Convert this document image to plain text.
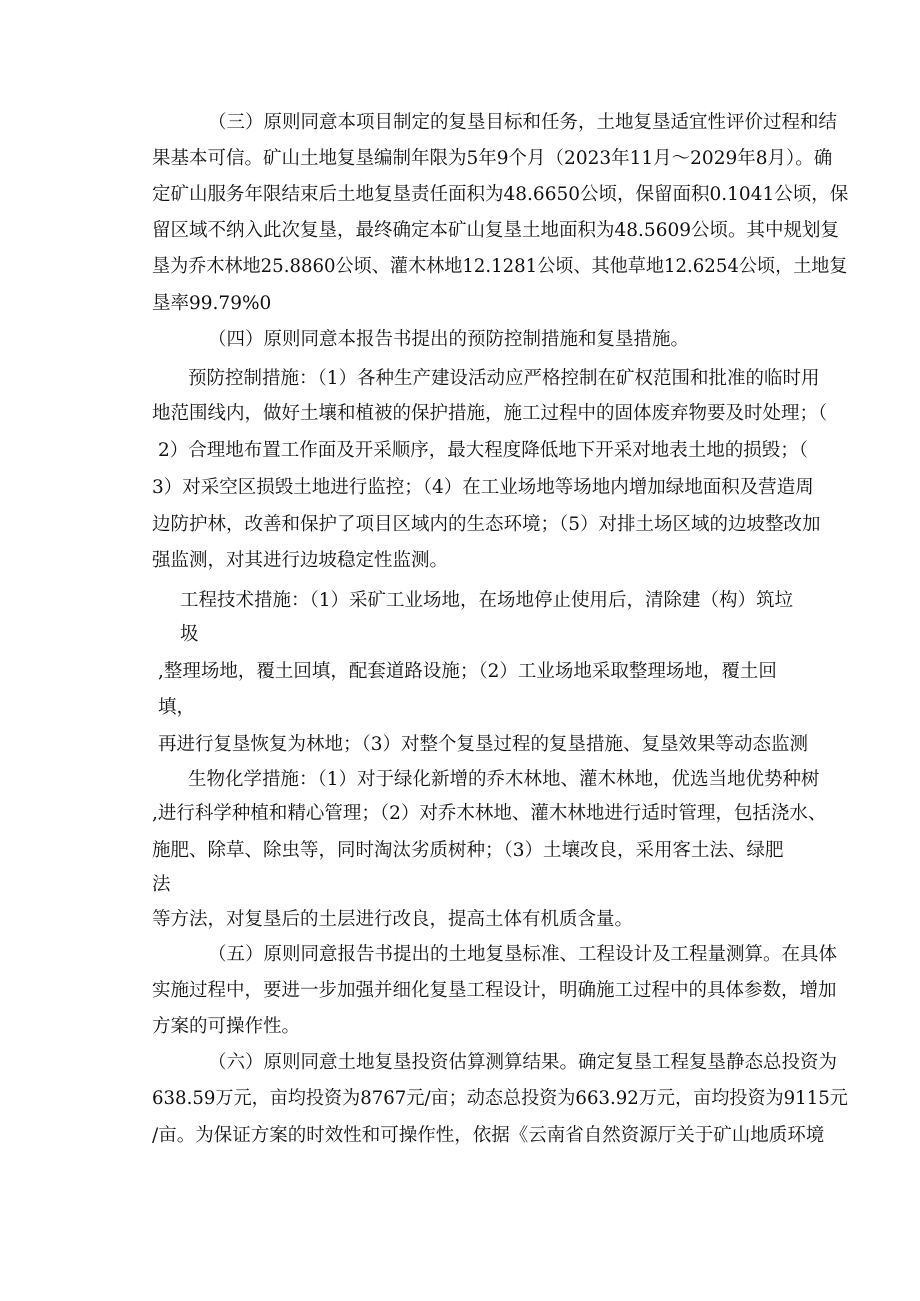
（三）原则同意本项目制定的复垦目标和任务，土地复垦适宜性评价过程和结

果基本可信。矿山土地复垦编制年限为5年9个月（2023年11月～2029年8月）。确

定矿山服务年限结束后土地复垦责任面积为48.6650公顷，保留面积0.1041公顷，保

留区域不纳入此次复垦，最终确定本矿山复垦土地面积为48.5609公顷。其中规划复

垦为乔木林地25.8860公顷、灌木林地12.1281公顷、其他草地12.6254公顷，土地复

垦率99.79%0

（四）原则同意本报告书提出的预防控制措施和复垦措施。

预防控制措施：（1）各种生产建设活动应严格控制在矿权范围和批准的临时用

地范围线内，做好土壤和植被的保护措施，施工过程中的固体废弃物要及时处理；（

2）合理地布置工作面及开采顺序，最大程度降低地下开采对地表土地的损毁；（

3）对采空区损毁土地进行监控；（4）在工业场地等场地内增加绿地面积及营造周

边防护林，改善和保护了项目区域内的生态环境；（5）对排土场区域的边坡整改加

强监测，对其进行边坡稳定性监测。

工程技术措施：（1）采矿工业场地，在场地停止使用后，清除建（构）筑垃

圾

,整理场地，覆土回填，配套道路设施；（2）工业场地采取整理场地，覆土回

填，

再进行复垦恢复为林地；（3）对整个复垦过程的复垦措施、复垦效果等动态监测

生物化学措施：（1）对于绿化新增的乔木林地、灌木林地，优选当地优势种树

,进行科学种植和精心管理；（2）对乔木林地、灌木林地进行适时管理，包括浇水、

施肥、除草、除虫等，同时淘汰劣质树种；（3）土壤改良，采用客土法、绿肥

法

等方法，对复垦后的土层进行改良，提高土体有机质含量。

（五）原则同意报告书提出的土地复垦标准、工程设计及工程量测算。在具体

实施过程中，要进一步加强并细化复垦工程设计，明确施工过程中的具体参数，增加

方案的可操作性。

（六）原则同意土地复垦投资估算测算结果。确定复垦工程复垦静态总投资为

638.59万元，亩均投资为8767元/亩；动态总投资为663.92万元，亩均投资为9115元

/亩。为保证方案的时效性和可操作性，依据《云南省自然资源厅关于矿山地质环境
